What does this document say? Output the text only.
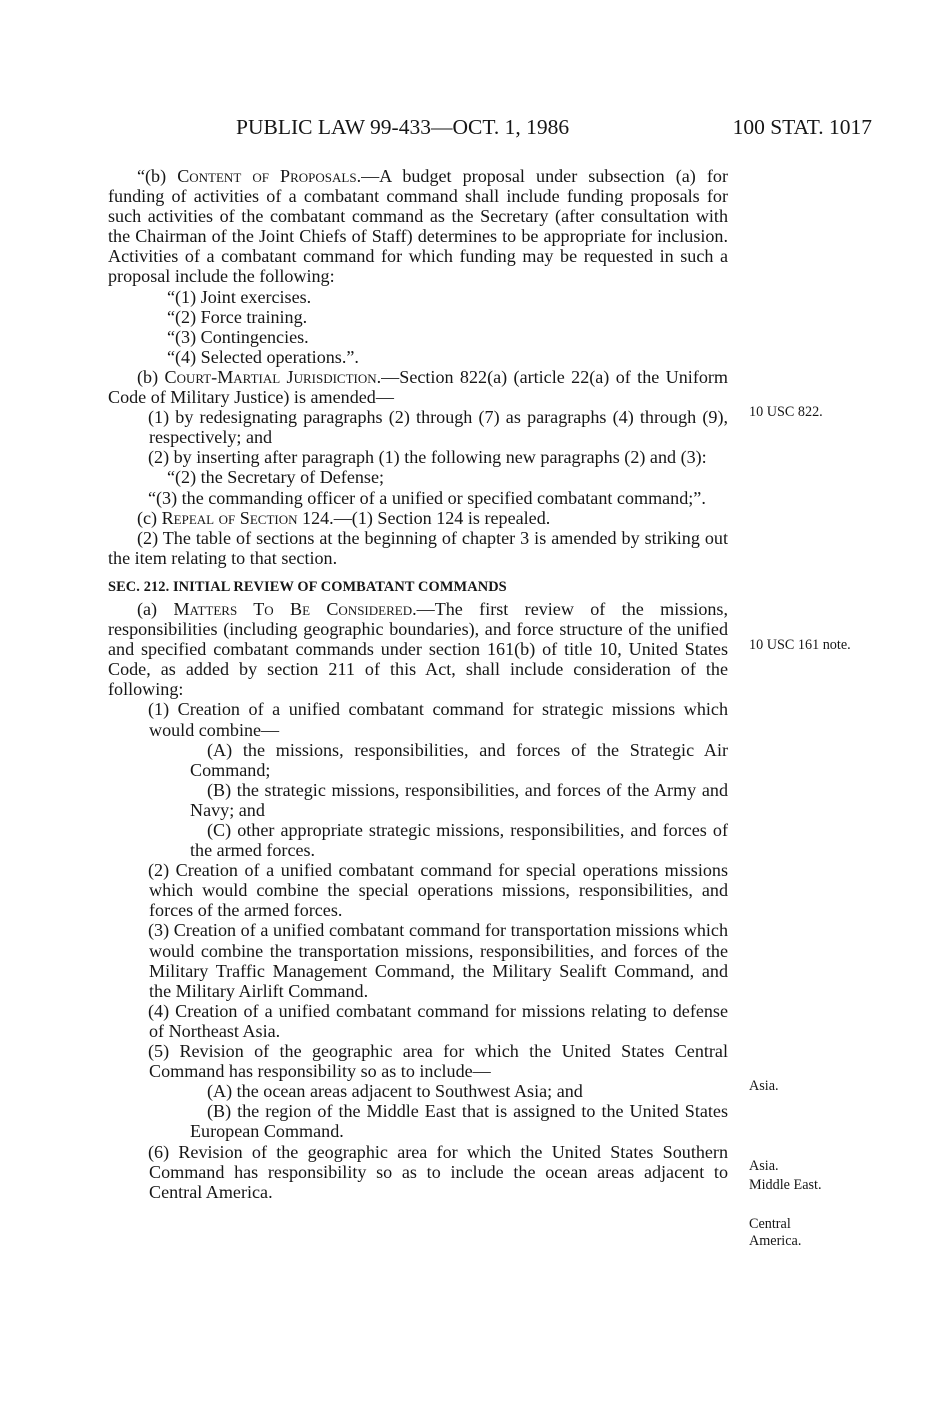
PUBLIC LAW 99-433—OCT. 1, 1986	100 STAT. 1017

“(b) Content of Proposals.—A budget proposal under subsection (a) for funding of activities of a combatant command shall include funding proposals for such activities of the combatant command as the Secretary (after consultation with the Chairman of the Joint Chiefs of Staff) determines to be appropriate for inclusion. Activities of a combatant command for which funding may be requested in such a proposal include the following:

“(1) Joint exercises.

“(2) Force training.

“(3) Contingencies.

“(4) Selected operations.”.

(b) Court-Martial Jurisdiction.—Section 822(a) (article 22(a) of the Uniform Code of Military Justice) is amended—

(1) by redesignating paragraphs (2) through (7) as paragraphs (4) through (9), respectively; and

(2) by inserting after paragraph (1) the following new paragraphs (2) and (3):

“(2) the Secretary of Defense;

“(3) the commanding officer of a unified or specified combatant command;”.

(c) Repeal of Section 124.—(1) Section 124 is repealed.

(2) The table of sections at the beginning of chapter 3 is amended by striking out the item relating to that section.

SEC. 212. INITIAL REVIEW OF COMBATANT COMMANDS

(a) Matters To Be Considered.—The first review of the missions, responsibilities (including geographic boundaries), and force structure of the unified and specified combatant commands under section 161(b) of title 10, United States Code, as added by section 211 of this Act, shall include consideration of the following:

(1) Creation of a unified combatant command for strategic missions which would combine—

(A) the missions, responsibilities, and forces of the Strategic Air Command;

(B) the strategic missions, responsibilities, and forces of the Army and Navy; and

(C) other appropriate strategic missions, responsibilities, and forces of the armed forces.

(2) Creation of a unified combatant command for special operations missions which would combine the special operations missions, responsibilities, and forces of the armed forces.

(3) Creation of a unified combatant command for transportation missions which would combine the transportation missions, responsibilities, and forces of the Military Traffic Management Command, the Military Sealift Command, and the Military Airlift Command.

(4) Creation of a unified combatant command for missions relating to defense of Northeast Asia.

(5) Revision of the geographic area for which the United States Central Command has responsibility so as to include—

(A) the ocean areas adjacent to Southwest Asia; and

(B) the region of the Middle East that is assigned to the United States European Command.

(6) Revision of the geographic area for which the United States Southern Command has responsibility so as to include the ocean areas adjacent to Central America.

10 USC 822.
10 USC 161 note.
Asia.
Asia.
Middle East.
Central America.
